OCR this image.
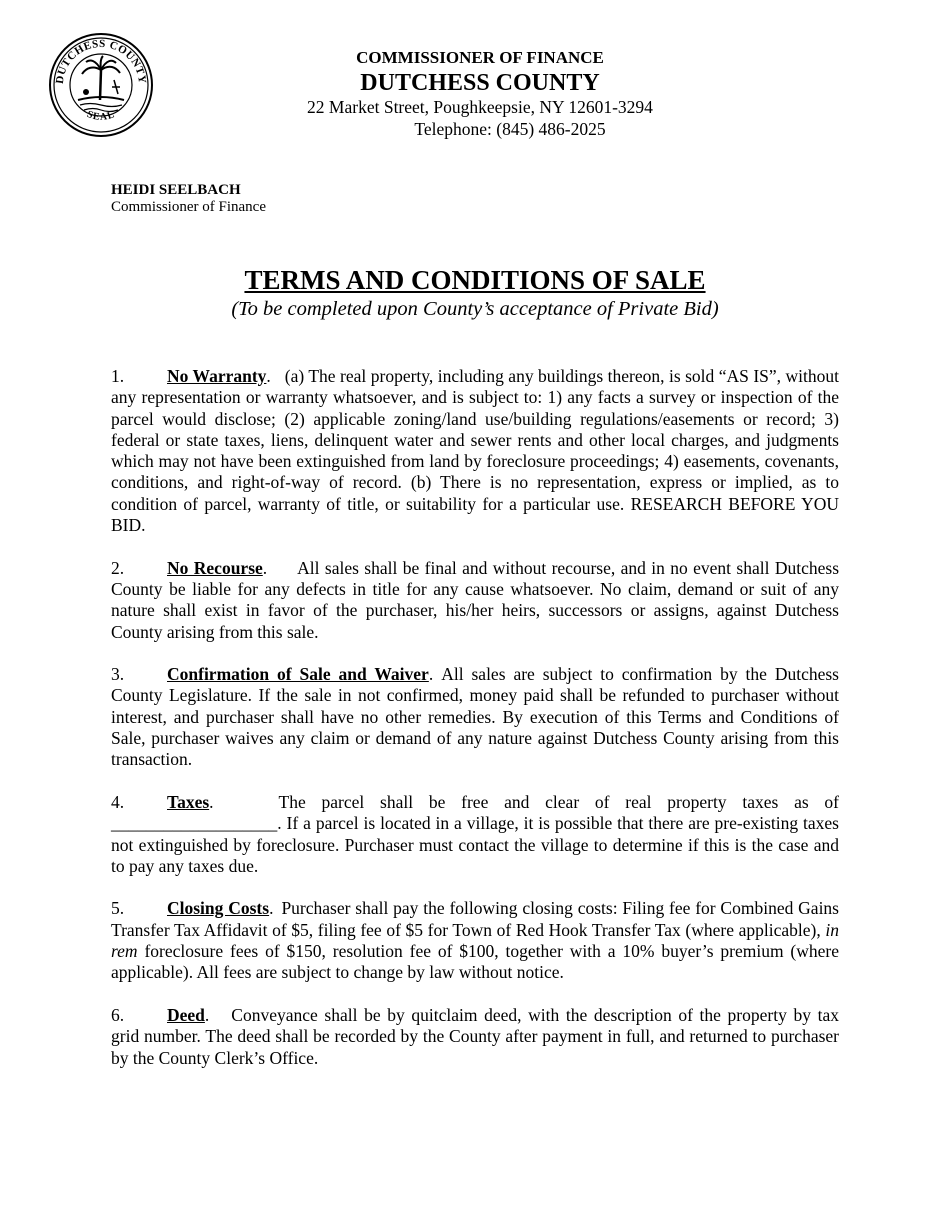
DUTCHESS COUNTY
SEAL
COMMISSIONER OF FINANCE
DUTCHESS COUNTY
22 Market Street, Poughkeepsie, NY 12601-3294
Telephone: (845) 486-2025
HEIDI SEELBACH
Commissioner of Finance
TERMS AND CONDITIONS OF SALE
(To be completed upon County’s acceptance of Private Bid)

1. No Warranty. (a) The real property, including any buildings thereon, is sold “AS IS”, without any representation or warranty whatsoever, and is subject to: 1) any facts a survey or inspection of the parcel would disclose; (2) applicable zoning/land use/building regulations/easements or record; 3) federal or state taxes, liens, delinquent water and sewer rents and other local charges, and judgments which may not have been extinguished from land by foreclosure proceedings; 4) easements, covenants, conditions, and right-of-way of record. (b) There is no representation, express or implied, as to condition of parcel, warranty of title, or suitability for a particular use. RESEARCH BEFORE YOU BID.

2. No Recourse. All sales shall be final and without recourse, and in no event shall Dutchess County be liable for any defects in title for any cause whatsoever. No claim, demand or suit of any nature shall exist in favor of the purchaser, his/her heirs, successors or assigns, against Dutchess County arising from this sale.

3. Confirmation of Sale and Waiver. All sales are subject to confirmation by the Dutchess County Legislature. If the sale in not confirmed, money paid shall be refunded to purchaser without interest, and purchaser shall have no other remedies. By execution of this Terms and Conditions of Sale, purchaser waives any claim or demand of any nature against Dutchess County arising from this transaction.

4. Taxes.	The parcel shall be free and clear of real property taxes as of ___________________. If a parcel is located in a village, it is possible that there are pre-existing taxes not extinguished by foreclosure. Purchaser must contact the village to determine if this is the case and to pay any taxes due.

5. Closing Costs. Purchaser shall pay the following closing costs: Filing fee for Combined Gains Transfer Tax Affidavit of $5, filing fee of $5 for Town of Red Hook Transfer Tax (where applicable), in rem foreclosure fees of $150, resolution fee of $100, together with a 10% buyer’s premium (where applicable). All fees are subject to change by law without notice.

6. Deed. Conveyance shall be by quitclaim deed, with the description of the property by tax grid number. The deed shall be recorded by the County after payment in full, and returned to purchaser by the County Clerk’s Office.
